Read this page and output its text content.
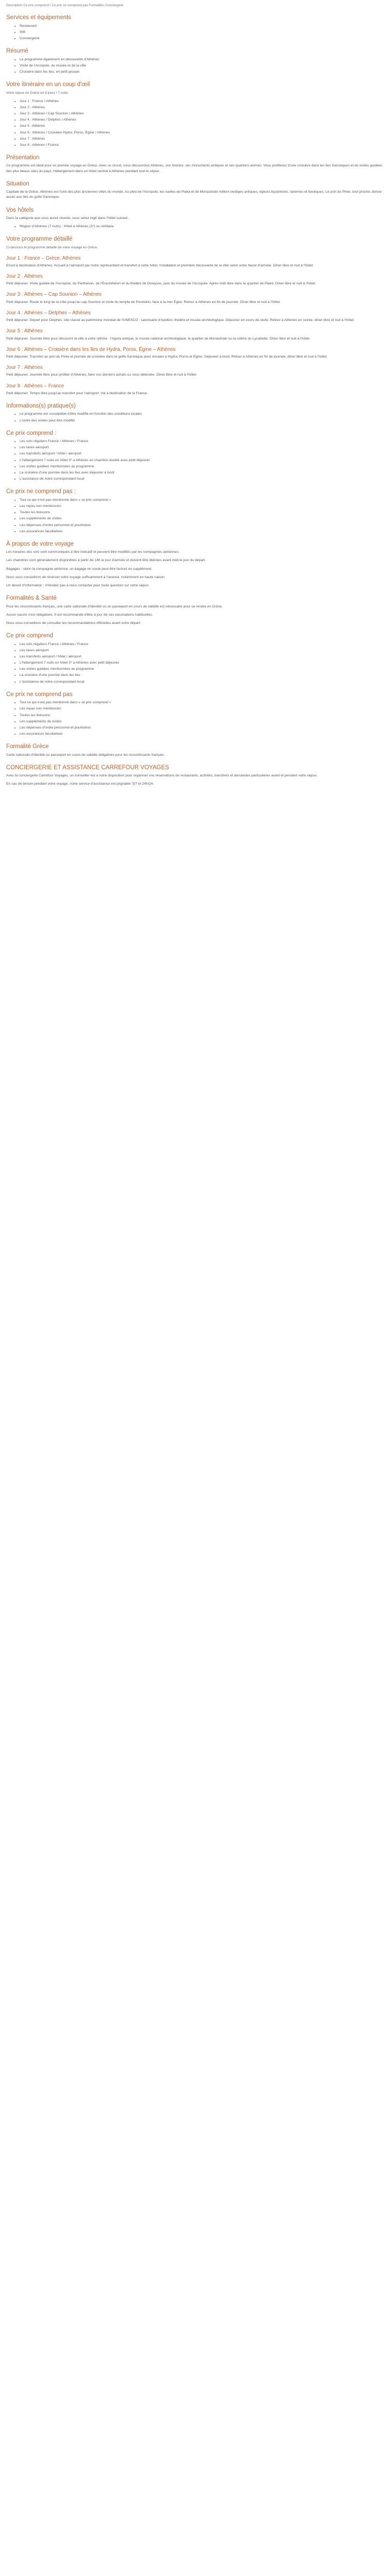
Description Ce prix comprend / Ce prix ne comprend pas Formalités Conciergerie
Services et équipements
• Restaurant
• Wifi
• Conciergerie
Résumé
• Le programme également en découverte d'Athènes
• Visite de l'Acropole, du musée et de la ville
• Croisière dans les îles, en petit groupe
Votre itinéraire en un coup d'œil

Votre séjour en Grèce en 8 jours / 7 nuits

• Jour 1 : France / Athènes
• Jour 2 : Athènes
• Jour 3 : Athènes / Cap Sounion / Athènes
• Jour 4 : Athènes / Delphes / Athènes
• Jour 5 : Athènes
• Jour 6 : Athènes / Croisière Hydra, Poros, Égine / Athènes
• Jour 7 : Athènes
• Jour 8 : Athènes / France
Présentation

Ce programme est idéal pour un premier voyage en Grèce. Avec ce circuit, vous découvrirez Athènes, son histoire, ses monuments antiques et ses quartiers animés. Vous profiterez d'une croisière dans les îles Saroniques et de visites guidées des plus beaux sites du pays. Hébergement dans un hôtel central à Athènes pendant tout le séjour.

Situation

Capitale de la Grèce, Athènes est l'une des plus anciennes villes du monde. Au pied de l'Acropole, les ruelles de Plaka et de Monastiraki mêlent vestiges antiques, églises byzantines, tavernes et boutiques. Le port du Pirée, tout proche, donne accès aux îles du golfe Saronique.

Vos hôtels

Dans la catégorie que vous aurez choisie, vous serez logé dans l'hôtel suivant :

• Région d'Athènes (7 nuits) : Hôtel à Athènes (3*) ou similaire
Votre programme détaillé

Ci-dessous le programme détaillé de votre voyage en Grèce.

Jour 1 : France – Grèce, Athènes

Envol à destination d'Athènes. Accueil à l'aéroport par notre représentant et transfert à votre hôtel. Installation et première découverte de la ville selon votre heure d'arrivée. Dîner libre et nuit à l'hôtel.

Jour 2 : Athènes

Petit déjeuner. Visite guidée de l'Acropole, du Parthénon, de l'Érechthéion et du théâtre de Dionysos, puis du musée de l'Acropole. Après-midi libre dans le quartier de Plaka. Dîner libre et nuit à l'hôtel.

Jour 3 : Athènes – Cap Sounion – Athènes

Petit déjeuner. Route le long de la côte jusqu'au cap Sounion et visite du temple de Poséidon, face à la mer Égée. Retour à Athènes en fin de journée. Dîner libre et nuit à l'hôtel.

Jour 4 : Athènes – Delphes – Athènes

Petit déjeuner. Départ pour Delphes, site classé au patrimoine mondial de l'UNESCO : sanctuaire d'Apollon, théâtre et musée archéologique. Déjeuner en cours de visite. Retour à Athènes en soirée, dîner libre et nuit à l'hôtel.

Jour 5 : Athènes

Petit déjeuner. Journée libre pour découvrir la ville à votre rythme : l'Agora antique, le musée national archéologique, le quartier de Monastiraki ou la colline du Lycabette. Dîner libre et nuit à l'hôtel.

Jour 6 : Athènes – Croisière dans les îles de Hydra, Poros, Égine – Athènes

Petit déjeuner. Transfert au port du Pirée et journée de croisière dans le golfe Saronique avec escales à Hydra, Poros et Égine. Déjeuner à bord. Retour à Athènes en fin de journée, dîner libre et nuit à l'hôtel.

Jour 7 : Athènes

Petit déjeuner. Journée libre pour profiter d'Athènes, faire vos derniers achats ou vous détendre. Dîner libre et nuit à l'hôtel.

Jour 8 : Athènes – France

Petit déjeuner. Temps libre jusqu'au transfert pour l'aéroport. Vol à destination de la France.

Informations(s) pratique(s)
• Le programme est susceptible d'être modifié en fonction des conditions locales
• L'ordre des visites peut être modifié
Ce prix comprend :
• Les vols réguliers France / Athènes / France
• Les taxes aéroport
• Les transferts aéroport / hôtel / aéroport
• L'hébergement 7 nuits en hôtel 3* à Athènes en chambre double avec petit déjeuner
• Les visites guidées mentionnées au programme
• La croisière d'une journée dans les îles avec déjeuner à bord
• L'assistance de notre correspondant local
Ce prix ne comprend pas :
• Tout ce qui n'est pas mentionné dans « ce prix comprend »
• Les repas non mentionnés
• Toutes les boissons
• Les suppléments de visites
• Les dépenses d'ordre personnel et pourboires
• Les assurances facultatives
À propos de votre voyage

Les horaires des vols sont communiqués à titre indicatif et peuvent être modifiés par les compagnies aériennes.

Les chambres sont généralement disponibles à partir de 14h le jour d'arrivée et doivent être libérées avant midi le jour du départ.

Bagages : selon la compagnie aérienne, un bagage en soute peut être facturé en supplément.

Nous vous conseillons de réserver votre voyage suffisamment à l'avance, notamment en haute saison.

Un devoir d'information : n'hésitez pas à nous contacter pour toute question sur votre séjour.

Formalités & Santé

Pour les ressortissants français, une carte nationale d'identité ou un passeport en cours de validité est nécessaire pour se rendre en Grèce.

Aucun vaccin n'est obligatoire. Il est recommandé d'être à jour de ses vaccinations habituelles.

Nous vous conseillons de consulter les recommandations officielles avant votre départ.

Ce prix comprend
• Les vols réguliers France / Athènes / France
• Les taxes aéroport
• Les transferts aéroport / hôtel / aéroport
• L'hébergement 7 nuits en hôtel 3* à Athènes avec petit déjeuner
• Les visites guidées mentionnées au programme
• La croisière d'une journée dans les îles
• L'assistance de notre correspondant local
Ce prix ne comprend pas
• Tout ce qui n'est pas mentionné dans « ce prix comprend »
• Les repas non mentionnés
• Toutes les boissons
• Les suppléments de visites
• Les dépenses d'ordre personnel et pourboires
• Les assurances facultatives
Formalité Grèce

Carte nationale d'identité ou passeport en cours de validité obligatoire pour les ressortissants français.

CONCIERGERIE ET ASSISTANCE CARREFOUR VOYAGES

Avec la conciergerie Carrefour Voyages, un conseiller est à votre disposition pour organiser vos réservations de restaurants, activités, transferts et demandes particulières avant et pendant votre séjour.

En cas de besoin pendant votre voyage, notre service d'assistance est joignable 7j/7 et 24h/24.
